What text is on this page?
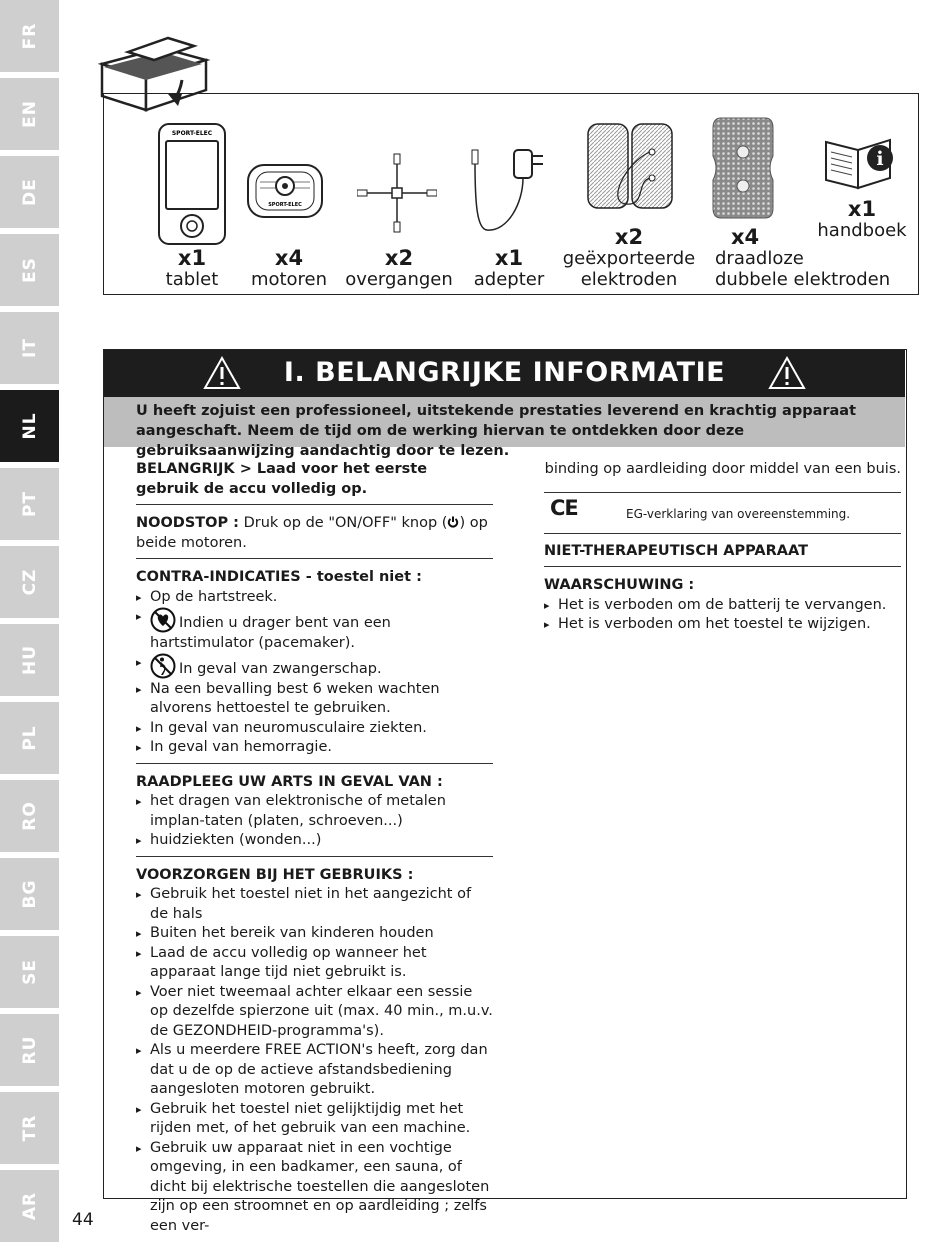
FR
EN
DE
ES
IT
NL
PT
CZ
HU
PL
RO
BG
SE
RU
TR
AR
SPORT-ELEC
SPORT-ELEC
i
x1
tablet
x4
motoren
x2
overgangen
x1
adepter
x2
geëxporteerde
elektroden
x4
draadloze
dubbele elektroden
x1
handboek
I. BELANGRIJKE INFORMATIE
U heeft zojuist een professioneel, uitstekende prestaties leverend en krachtig apparaat aangeschaft. Neem de tijd om de werking hiervan te ontdekken door deze gebruiksaanwijzing aandachtig door te lezen.
BELANGRIJK > Laad voor het eerste gebruik de accu volledig op.
NOODSTOP : Druk op de "ON/OFF" knop ( ) op beide motoren.
CONTRA-INDICATIES - toestel niet :
▸ Op de hartstreek.
▸ Indien u drager bent van een hartstimulator (pacemaker).
▸ In geval van zwangerschap.
▸ Na een bevalling best 6 weken wachten alvorens hettoestel te gebruiken.
▸ In geval van neuromusculaire ziekten.
▸ In geval van hemorragie.
RAADPLEEG UW ARTS IN GEVAL VAN :
▸ het dragen van elektronische of metalen implan-taten (platen, schroeven...)
▸ huidziekten (wonden...)
VOORZORGEN BIJ HET GEBRUIKS :
▸ Gebruik het toestel niet in het aangezicht of de hals
▸ Buiten het bereik van kinderen houden
▸ Laad de accu volledig op wanneer het apparaat lange tijd niet gebruikt is.
▸ Voer niet tweemaal achter elkaar een sessie op dezelfde spierzone uit (max. 40 min., m.u.v. de GEZONDHEID-programma's).
▸ Als u meerdere FREE ACTION's heeft, zorg dan dat u de op de actieve afstandsbediening aangesloten motoren gebruikt.
▸ Gebruik het toestel niet gelijktijdig met het rijden met, of het gebruik van een machine.
▸ Gebruik uw apparaat niet in een vochtige omgeving, in een badkamer, een sauna, of dicht bij elektrische toestellen die aangesloten zijn op een stroomnet en op aardleiding ; zelfs een ver-
binding op aardleiding door middel van een buis.
CE	EG-verklaring van overeenstemming.
NIET-THERAPEUTISCH APPARAAT
WAARSCHUWING :
▸ Het is verboden om de batterij te vervangen.
▸ Het is verboden om het toestel te wijzigen.
44
